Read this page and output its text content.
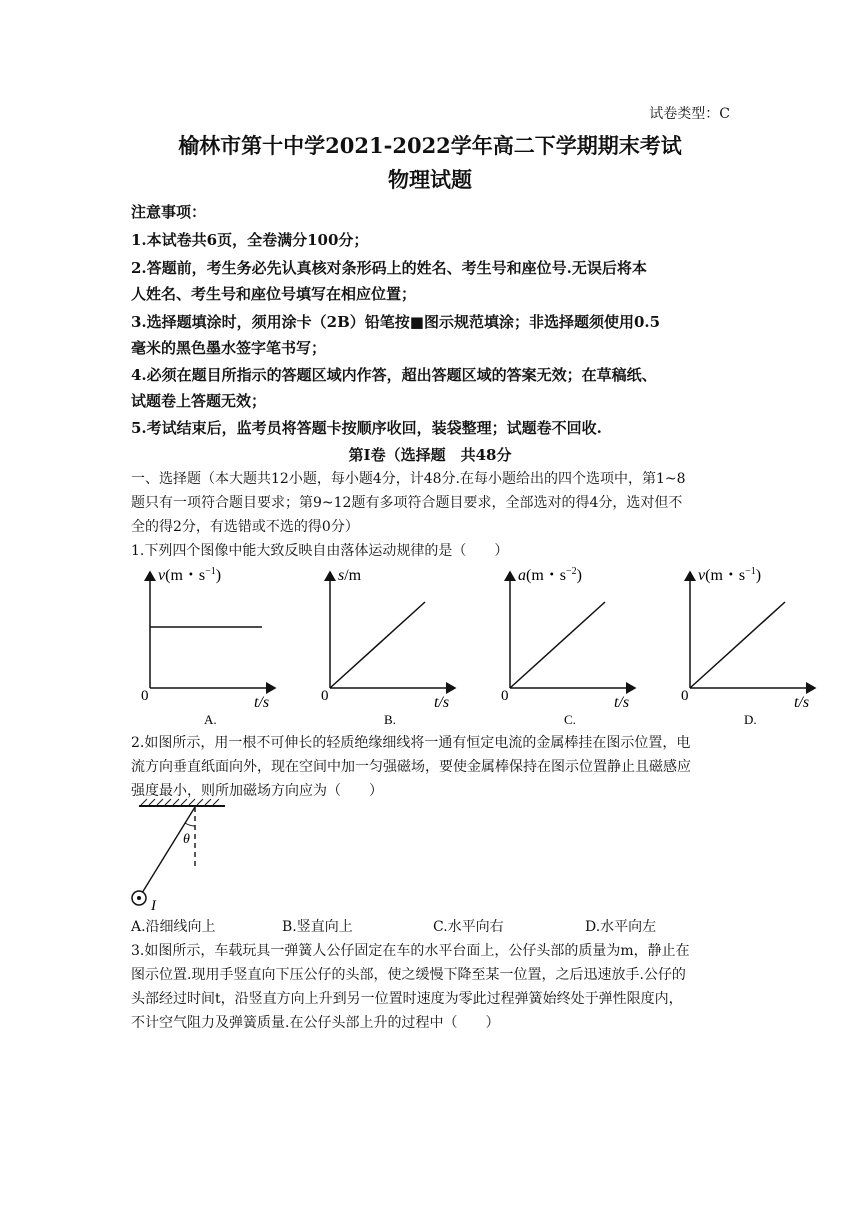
试卷类型：C
榆林市第十中学2021-2022学年高二下学期期末考试
物理试题
注意事项：
1.本试卷共6页，全卷满分100分；
2.答题前，考生务必先认真核对条形码上的姓名、考生号和座位号.无误后将本
人姓名、考生号和座位号填写在相应位置；
3.选择题填涂时，须用涂卡（2B）铅笔按■图示规范填涂；非选择题须使用0.5
毫米的黑色墨水签字笔书写；
4.必须在题目所指示的答题区域内作答，超出答题区域的答案无效；在草稿纸、
试题卷上答题无效；
5.考试结束后，监考员将答题卡按顺序收回，装袋整理；试题卷不回收.
第Ⅰ卷（选择题　共48分
一、选择题（本大题共12小题，每小题4分，计48分.在每小题给出的四个选项中，第1~8
题只有一项符合题目要求；第9~12题有多项符合题目要求，全部选对的得4分，选对但不
全的得2分，有选错或不选的得0分）
1.下列四个图像中能大致反映自由落体运动规律的是（　　）
v(m・$s^{-1}$)
0	t/s
A.
s/m
0	t/s
B.
a(m・$s^{-2}$)
0	t/s
C.
v(m・$s^{-1}$)
0	t/s
D.
2.如图所示，用一根不可伸长的轻质绝缘细线将一通有恒定电流的金属棒挂在图示位置，电
流方向垂直纸面向外，现在空间中加一匀强磁场，要使金属棒保持在图示位置静止且磁感应
强度最小，则所加磁场方向应为（　　）
θ
I
A.沿细线向上	B.竖直向上	C.水平向右	D.水平向左
3.如图所示，车载玩具一弹簧人公仔固定在车的水平台面上，公仔头部的质量为m，静止在
图示位置.现用手竖直向下压公仔的头部，使之缓慢下降至某一位置，之后迅速放手.公仔的
头部经过时间t，沿竖直方向上升到另一位置时速度为零此过程弹簧始终处于弹性限度内，
不计空气阻力及弹簧质量.在公仔头部上升的过程中（　　）
